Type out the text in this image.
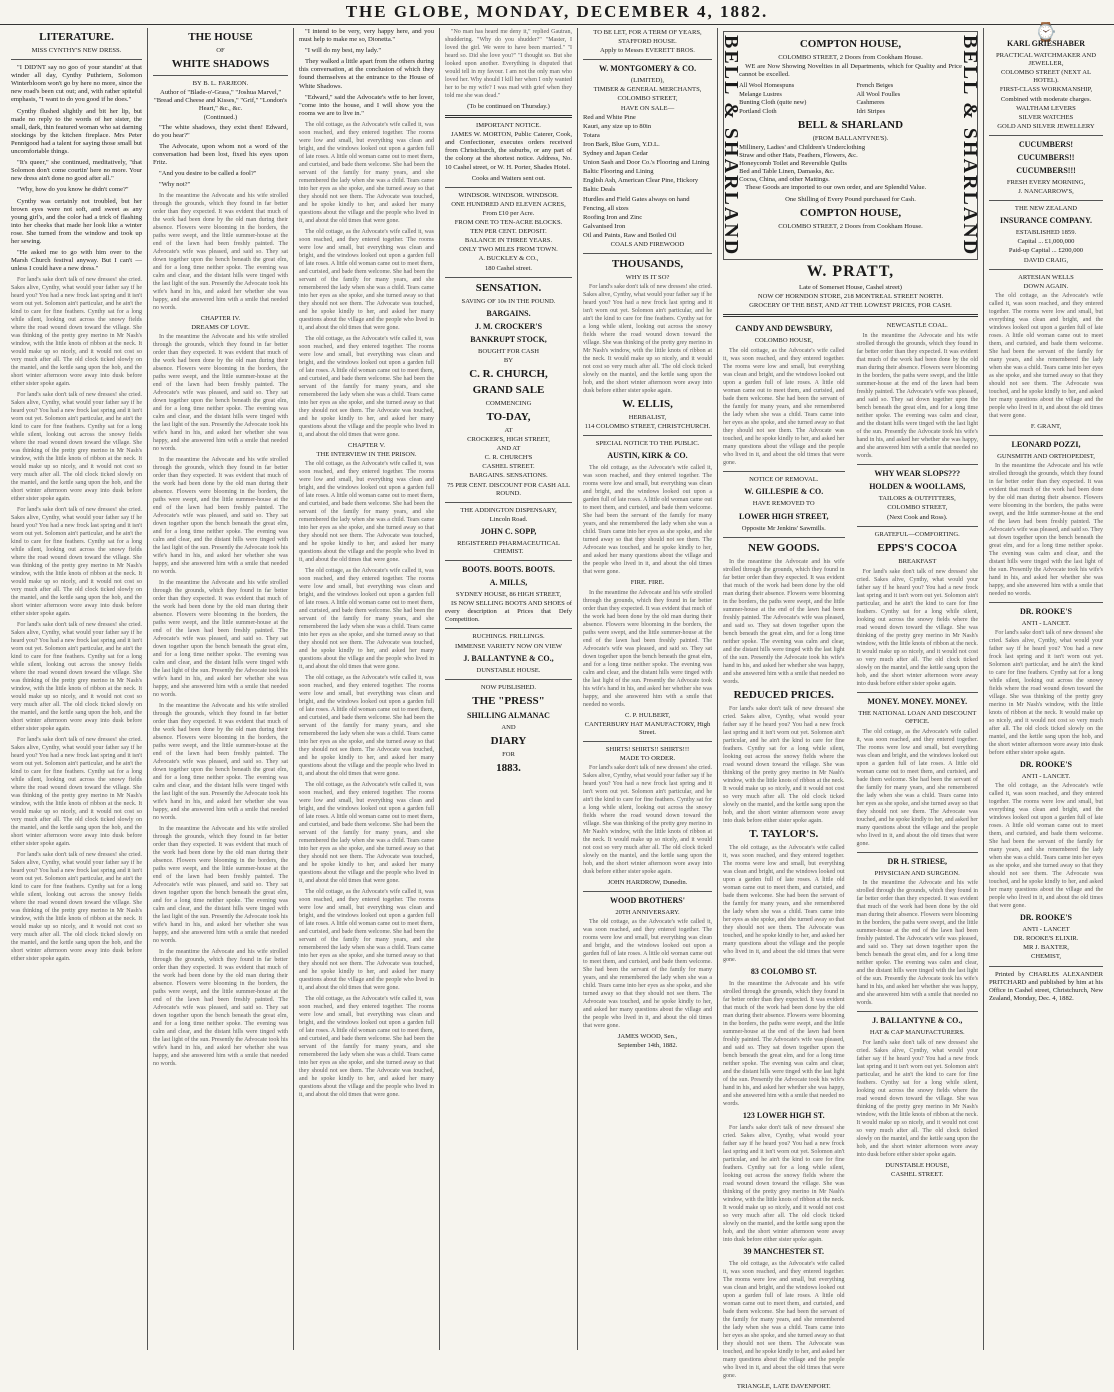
THE GLOBE, MONDAY, DECEMBER 4, 1882.
LITERATURE.
MISS CYNTHY'S NEW DRESS.

"I DID'NT say no goo of your standin' at that winder all day, Cynthy Puthriern, Solomon Winterbloom won't go by here no more, since the new road's been cut out; and, with rather spiteful emphasis, "I want to do you good if he does."

Cynthy flushed slightly and bit her lip, but made no reply to the words of her sister, the small, dark, thin featured woman who sat darning stockings by the kitchen fireplace. Mrs Peter Pennigood had a talent for saying those small but uncomfortable things.

"It's queer," she continued, meditatively, "that Solomon don't come courtin' here no more. Your new dress ain't done no good after all."

"Why, how do you know he didn't come?"

Cynthy was certainly not troubled, but her brown eyes were not soft, and sweet as any young girl's, and the color had a trick of flashing into her cheeks that made her look like a winter rose. She turned from the window and took up her sewing.

"He asked me to go with him over to the Marsh Church festival anyway. But I can't — unless I could have a new dress."

For land's sake don't talk of new dresses! she cried. Sakes alive, Cynthy, what would your father say if he heard you? You had a new frock last spring and it isn't worn out yet. Solomon ain't particular, and he ain't the kind to care for fine feathers. Cynthy sat for a long while silent, looking out across the snowy fields where the road wound down toward the village. She was thinking of the pretty grey merino in Mr Nash's window, with the little knots of ribbon at the neck. It would make up so nicely, and it would not cost so very much after all. The old clock ticked slowly on the mantel, and the kettle sang upon the hob, and the short winter afternoon wore away into dusk before either sister spoke again.

For land's sake don't talk of new dresses! she cried. Sakes alive, Cynthy, what would your father say if he heard you? You had a new frock last spring and it isn't worn out yet. Solomon ain't particular, and he ain't the kind to care for fine feathers. Cynthy sat for a long while silent, looking out across the snowy fields where the road wound down toward the village. She was thinking of the pretty grey merino in Mr Nash's window, with the little knots of ribbon at the neck. It would make up so nicely, and it would not cost so very much after all. The old clock ticked slowly on the mantel, and the kettle sang upon the hob, and the short winter afternoon wore away into dusk before either sister spoke again.

For land's sake don't talk of new dresses! she cried. Sakes alive, Cynthy, what would your father say if he heard you? You had a new frock last spring and it isn't worn out yet. Solomon ain't particular, and he ain't the kind to care for fine feathers. Cynthy sat for a long while silent, looking out across the snowy fields where the road wound down toward the village. She was thinking of the pretty grey merino in Mr Nash's window, with the little knots of ribbon at the neck. It would make up so nicely, and it would not cost so very much after all. The old clock ticked slowly on the mantel, and the kettle sang upon the hob, and the short winter afternoon wore away into dusk before either sister spoke again.

For land's sake don't talk of new dresses! she cried. Sakes alive, Cynthy, what would your father say if he heard you? You had a new frock last spring and it isn't worn out yet. Solomon ain't particular, and he ain't the kind to care for fine feathers. Cynthy sat for a long while silent, looking out across the snowy fields where the road wound down toward the village. She was thinking of the pretty grey merino in Mr Nash's window, with the little knots of ribbon at the neck. It would make up so nicely, and it would not cost so very much after all. The old clock ticked slowly on the mantel, and the kettle sang upon the hob, and the short winter afternoon wore away into dusk before either sister spoke again.

For land's sake don't talk of new dresses! she cried. Sakes alive, Cynthy, what would your father say if he heard you? You had a new frock last spring and it isn't worn out yet. Solomon ain't particular, and he ain't the kind to care for fine feathers. Cynthy sat for a long while silent, looking out across the snowy fields where the road wound down toward the village. She was thinking of the pretty grey merino in Mr Nash's window, with the little knots of ribbon at the neck. It would make up so nicely, and it would not cost so very much after all. The old clock ticked slowly on the mantel, and the kettle sang upon the hob, and the short winter afternoon wore away into dusk before either sister spoke again.

For land's sake don't talk of new dresses! she cried. Sakes alive, Cynthy, what would your father say if he heard you? You had a new frock last spring and it isn't worn out yet. Solomon ain't particular, and he ain't the kind to care for fine feathers. Cynthy sat for a long while silent, looking out across the snowy fields where the road wound down toward the village. She was thinking of the pretty grey merino in Mr Nash's window, with the little knots of ribbon at the neck. It would make up so nicely, and it would not cost so very much after all. The old clock ticked slowly on the mantel, and the kettle sang upon the hob, and the short winter afternoon wore away into dusk before either sister spoke again.

THE HOUSE
OF
WHITE SHADOWS
BY B. L. FARJEON.
Author of "Blade-o'-Grass," "Joshua Marvel," "Bread and Cheese and Kisses," "Grif," "London's Heart," &c., &c.
(Continued.)

"The white shadows, they exist then! Edward, do you hear?"

The Advocate, upon whom not a word of the conversation had been lost, fixed his eyes upon Fritz.

"And you desire to be called a fool?"

"Why not?"

In the meantime the Advocate and his wife strolled through the grounds, which they found in far better order than they expected. It was evident that much of the work had been done by the old man during their absence. Flowers were blooming in the borders, the paths were swept, and the little summer-house at the end of the lawn had been freshly painted. The Advocate's wife was pleased, and said so. They sat down together upon the bench beneath the great elm, and for a long time neither spoke. The evening was calm and clear, and the distant hills were tinged with the last light of the sun. Presently the Advocate took his wife's hand in his, and asked her whether she was happy, and she answered him with a smile that needed no words.

CHAPTER IV.
DREAMS OF LOVE.

In the meantime the Advocate and his wife strolled through the grounds, which they found in far better order than they expected. It was evident that much of the work had been done by the old man during their absence. Flowers were blooming in the borders, the paths were swept, and the little summer-house at the end of the lawn had been freshly painted. The Advocate's wife was pleased, and said so. They sat down together upon the bench beneath the great elm, and for a long time neither spoke. The evening was calm and clear, and the distant hills were tinged with the last light of the sun. Presently the Advocate took his wife's hand in his, and asked her whether she was happy, and she answered him with a smile that needed no words.

In the meantime the Advocate and his wife strolled through the grounds, which they found in far better order than they expected. It was evident that much of the work had been done by the old man during their absence. Flowers were blooming in the borders, the paths were swept, and the little summer-house at the end of the lawn had been freshly painted. The Advocate's wife was pleased, and said so. They sat down together upon the bench beneath the great elm, and for a long time neither spoke. The evening was calm and clear, and the distant hills were tinged with the last light of the sun. Presently the Advocate took his wife's hand in his, and asked her whether she was happy, and she answered him with a smile that needed no words.

In the meantime the Advocate and his wife strolled through the grounds, which they found in far better order than they expected. It was evident that much of the work had been done by the old man during their absence. Flowers were blooming in the borders, the paths were swept, and the little summer-house at the end of the lawn had been freshly painted. The Advocate's wife was pleased, and said so. They sat down together upon the bench beneath the great elm, and for a long time neither spoke. The evening was calm and clear, and the distant hills were tinged with the last light of the sun. Presently the Advocate took his wife's hand in his, and asked her whether she was happy, and she answered him with a smile that needed no words.

In the meantime the Advocate and his wife strolled through the grounds, which they found in far better order than they expected. It was evident that much of the work had been done by the old man during their absence. Flowers were blooming in the borders, the paths were swept, and the little summer-house at the end of the lawn had been freshly painted. The Advocate's wife was pleased, and said so. They sat down together upon the bench beneath the great elm, and for a long time neither spoke. The evening was calm and clear, and the distant hills were tinged with the last light of the sun. Presently the Advocate took his wife's hand in his, and asked her whether she was happy, and she answered him with a smile that needed no words.

In the meantime the Advocate and his wife strolled through the grounds, which they found in far better order than they expected. It was evident that much of the work had been done by the old man during their absence. Flowers were blooming in the borders, the paths were swept, and the little summer-house at the end of the lawn had been freshly painted. The Advocate's wife was pleased, and said so. They sat down together upon the bench beneath the great elm, and for a long time neither spoke. The evening was calm and clear, and the distant hills were tinged with the last light of the sun. Presently the Advocate took his wife's hand in his, and asked her whether she was happy, and she answered him with a smile that needed no words.

In the meantime the Advocate and his wife strolled through the grounds, which they found in far better order than they expected. It was evident that much of the work had been done by the old man during their absence. Flowers were blooming in the borders, the paths were swept, and the little summer-house at the end of the lawn had been freshly painted. The Advocate's wife was pleased, and said so. They sat down together upon the bench beneath the great elm, and for a long time neither spoke. The evening was calm and clear, and the distant hills were tinged with the last light of the sun. Presently the Advocate took his wife's hand in his, and asked her whether she was happy, and she answered him with a smile that needed no words.

"I intend to be very, very happy here, and you must help to make me so, Dionetta."

"I will do my best, my lady."

They walked a little apart from the others during this conversation, at the conclusion of which they found themselves at the entrance to the House of White Shadows.

"Edward," said the Advocate's wife to her lover, "come into the house, and I will show you the rooms we are to live in."

The old cottage, as the Advocate's wife called it, was soon reached, and they entered together. The rooms were low and small, but everything was clean and bright, and the windows looked out upon a garden full of late roses. A little old woman came out to meet them, and curtsied, and bade them welcome. She had been the servant of the family for many years, and she remembered the lady when she was a child. Tears came into her eyes as she spoke, and she turned away so that they should not see them. The Advocate was touched, and he spoke kindly to her, and asked her many questions about the village and the people who lived in it, and about the old times that were gone.

The old cottage, as the Advocate's wife called it, was soon reached, and they entered together. The rooms were low and small, but everything was clean and bright, and the windows looked out upon a garden full of late roses. A little old woman came out to meet them, and curtsied, and bade them welcome. She had been the servant of the family for many years, and she remembered the lady when she was a child. Tears came into her eyes as she spoke, and she turned away so that they should not see them. The Advocate was touched, and he spoke kindly to her, and asked her many questions about the village and the people who lived in it, and about the old times that were gone.

The old cottage, as the Advocate's wife called it, was soon reached, and they entered together. The rooms were low and small, but everything was clean and bright, and the windows looked out upon a garden full of late roses. A little old woman came out to meet them, and curtsied, and bade them welcome. She had been the servant of the family for many years, and she remembered the lady when she was a child. Tears came into her eyes as she spoke, and she turned away so that they should not see them. The Advocate was touched, and he spoke kindly to her, and asked her many questions about the village and the people who lived in it, and about the old times that were gone.

CHAPTER V.
THE INTERVIEW IN THE PRISON.

The old cottage, as the Advocate's wife called it, was soon reached, and they entered together. The rooms were low and small, but everything was clean and bright, and the windows looked out upon a garden full of late roses. A little old woman came out to meet them, and curtsied, and bade them welcome. She had been the servant of the family for many years, and she remembered the lady when she was a child. Tears came into her eyes as she spoke, and she turned away so that they should not see them. The Advocate was touched, and he spoke kindly to her, and asked her many questions about the village and the people who lived in it, and about the old times that were gone.

The old cottage, as the Advocate's wife called it, was soon reached, and they entered together. The rooms were low and small, but everything was clean and bright, and the windows looked out upon a garden full of late roses. A little old woman came out to meet them, and curtsied, and bade them welcome. She had been the servant of the family for many years, and she remembered the lady when she was a child. Tears came into her eyes as she spoke, and she turned away so that they should not see them. The Advocate was touched, and he spoke kindly to her, and asked her many questions about the village and the people who lived in it, and about the old times that were gone.

The old cottage, as the Advocate's wife called it, was soon reached, and they entered together. The rooms were low and small, but everything was clean and bright, and the windows looked out upon a garden full of late roses. A little old woman came out to meet them, and curtsied, and bade them welcome. She had been the servant of the family for many years, and she remembered the lady when she was a child. Tears came into her eyes as she spoke, and she turned away so that they should not see them. The Advocate was touched, and he spoke kindly to her, and asked her many questions about the village and the people who lived in it, and about the old times that were gone.

The old cottage, as the Advocate's wife called it, was soon reached, and they entered together. The rooms were low and small, but everything was clean and bright, and the windows looked out upon a garden full of late roses. A little old woman came out to meet them, and curtsied, and bade them welcome. She had been the servant of the family for many years, and she remembered the lady when she was a child. Tears came into her eyes as she spoke, and she turned away so that they should not see them. The Advocate was touched, and he spoke kindly to her, and asked her many questions about the village and the people who lived in it, and about the old times that were gone.

The old cottage, as the Advocate's wife called it, was soon reached, and they entered together. The rooms were low and small, but everything was clean and bright, and the windows looked out upon a garden full of late roses. A little old woman came out to meet them, and curtsied, and bade them welcome. She had been the servant of the family for many years, and she remembered the lady when she was a child. Tears came into her eyes as she spoke, and she turned away so that they should not see them. The Advocate was touched, and he spoke kindly to her, and asked her many questions about the village and the people who lived in it, and about the old times that were gone.

The old cottage, as the Advocate's wife called it, was soon reached, and they entered together. The rooms were low and small, but everything was clean and bright, and the windows looked out upon a garden full of late roses. A little old woman came out to meet them, and curtsied, and bade them welcome. She had been the servant of the family for many years, and she remembered the lady when she was a child. Tears came into her eyes as she spoke, and she turned away so that they should not see them. The Advocate was touched, and he spoke kindly to her, and asked her many questions about the village and the people who lived in it, and about the old times that were gone.

"No man has heard me deny it," replied Gautran, shuddering. "Why do you shudder?" "Master, I loved the girl. We were to have been married." "I heard so. Did she love you?" "I thought so. But she looked upon another. Everything is disputed that would tell in my favour. I am not the only man who loved her. Why should I kill her when I only wanted her to be my wife? I was mad with grief when they told me she was dead."

(To be continued on Thursday.)
IMPORTANT NOTICE.

JAMES W. MORTON, Public Caterer, Cook, and Confectioner, executes orders received from Christchurch, the suburbs, or any part of the colony at the shortest notice. Address, No. 10 Cashel street, or W. H. Porter, Shades Hotel.

Cooks and Waiters sent out.
WINDSOR. WINDSOR. WINDSOR.
ONE HUNDRED AND ELEVEN ACRES,
From £10 per Acre.
FROM ONE TO TEN-ACRE BLOCKS.
TEN PER CENT. DEPOSIT.
BALANCE IN THREE YEARS.
ONLY TWO MILES FROM TOWN.
A. BUCKLEY & CO.,
180 Cashel street.
SENSATION.
SAVING OF 10s IN THE POUND.
BARGAINS.
J. M. CROCKER'S
BANKRUPT STOCK,
BOUGHT FOR CASH
BY
C. R. CHURCH,
GRAND SALE
COMMENCING
TO-DAY,
AT
CROCKER'S, HIGH STREET,
AND AT
C. R. CHURCH'S
CASHEL STREET.
BARGAINS. SENSATIONS.
75 PER CENT. DISCOUNT FOR CASH ALL ROUND.
THE ADDINGTON DISPENSARY,
Lincoln Road.
JOHN C. SOPP,
REGISTERED PHARMACEUTICAL CHEMIST.
BOOTS. BOOTS. BOOTS.
A. MILLS,
SYDNEY HOUSE, 86 HIGH STREET,

IS NOW SELLING BOOTS AND SHOES of every description at Prices that Defy Competition.

RUCHINGS. FRILLINGS.
IMMENSE VARIETY NOW ON VIEW
J. BALLANTYNE & CO.,
DUNSTABLE HOUSE.
NOW PUBLISHED.
THE "PRESS"
SHILLING ALMANAC
AND
DIARY
FOR
1883.
TO BE LET, FOR A TERM OF YEARS,
STAFFORD HOUSE.
Apply to Messrs EVERETT BROS.
W. MONTGOMERY & CO.
(LIMITED),
TIMBER & GENERAL MERCHANTS,
COLOMBO STREET,
HAVE ON SALE—
Red and White Pine
Kauri, any size up to 80in
Totara
Iron Bark, Blue Gum, Y.D.L.
Sydney and Japan Cedar
Union Sash and Door Co.'s Flooring and Lining
Baltic Flooring and Lining
English Ash, American Clear Pine, Hickory
Baltic Deals
Hurdles and Field Gates always on hand
Fencing, all sizes
Roofing Iron and Zinc
Galvanised Iron
Oil and Paints, Raw and Boiled Oil
COALS AND FIREWOOD
THOUSANDS,
WHY IS IT SO?

For land's sake don't talk of new dresses! she cried. Sakes alive, Cynthy, what would your father say if he heard you? You had a new frock last spring and it isn't worn out yet. Solomon ain't particular, and he ain't the kind to care for fine feathers. Cynthy sat for a long while silent, looking out across the snowy fields where the road wound down toward the village. She was thinking of the pretty grey merino in Mr Nash's window, with the little knots of ribbon at the neck. It would make up so nicely, and it would not cost so very much after all. The old clock ticked slowly on the mantel, and the kettle sang upon the hob, and the short winter afternoon wore away into dusk before either sister spoke again.

W. ELLIS,
HERBALIST,
114 COLOMBO STREET, CHRISTCHURCH.
SPECIAL NOTICE TO THE PUBLIC.
AUSTIN, KIRK & CO.

The old cottage, as the Advocate's wife called it, was soon reached, and they entered together. The rooms were low and small, but everything was clean and bright, and the windows looked out upon a garden full of late roses. A little old woman came out to meet them, and curtsied, and bade them welcome. She had been the servant of the family for many years, and she remembered the lady when she was a child. Tears came into her eyes as she spoke, and she turned away so that they should not see them. The Advocate was touched, and he spoke kindly to her, and asked her many questions about the village and the people who lived in it, and about the old times that were gone.

FIRE. FIRE.

In the meantime the Advocate and his wife strolled through the grounds, which they found in far better order than they expected. It was evident that much of the work had been done by the old man during their absence. Flowers were blooming in the borders, the paths were swept, and the little summer-house at the end of the lawn had been freshly painted. The Advocate's wife was pleased, and said so. They sat down together upon the bench beneath the great elm, and for a long time neither spoke. The evening was calm and clear, and the distant hills were tinged with the last light of the sun. Presently the Advocate took his wife's hand in his, and asked her whether she was happy, and she answered him with a smile that needed no words.

C. P. HULBERT,
CANTERBURY HAT MANUFACTORY, High Street.
SHIRTS! SHIRTS!! SHIRTS!!!
MADE TO ORDER.

For land's sake don't talk of new dresses! she cried. Sakes alive, Cynthy, what would your father say if he heard you? You had a new frock last spring and it isn't worn out yet. Solomon ain't particular, and he ain't the kind to care for fine feathers. Cynthy sat for a long while silent, looking out across the snowy fields where the road wound down toward the village. She was thinking of the pretty grey merino in Mr Nash's window, with the little knots of ribbon at the neck. It would make up so nicely, and it would not cost so very much after all. The old clock ticked slowly on the mantel, and the kettle sang upon the hob, and the short winter afternoon wore away into dusk before either sister spoke again.

JOHN HARDROW, Dunedin.
WOOD BROTHERS'
20TH ANNIVERSARY.

The old cottage, as the Advocate's wife called it, was soon reached, and they entered together. The rooms were low and small, but everything was clean and bright, and the windows looked out upon a garden full of late roses. A little old woman came out to meet them, and curtsied, and bade them welcome. She had been the servant of the family for many years, and she remembered the lady when she was a child. Tears came into her eyes as she spoke, and she turned away so that they should not see them. The Advocate was touched, and he spoke kindly to her, and asked her many questions about the village and the people who lived in it, and about the old times that were gone.

JAMES WOOD, Sen.,
September 14th, 1882.
BELL & SHARLAND	COMPTON HOUSE,
COLOMBO STREET, 2 Doors from Cookham House.

WE are Now Showing Novelties in all Departments, which for Quality and Price cannot be excelled.

All Wool Homespuns
Melange Lustres
Bunting Cloth (quite new)
Portland Cloth
French Beiges
All Wool Foulles
Cashmeres
Idri Stripes
BELL & SHARLAND
(FROM BALLANTYNE'S).
Millinery, Ladies' and Children's Underclothing
Straw and other Hats, Feathers, Flowers, &c.
Honeycomb Toilet and Reversible Quilts
Bed and Table Linen, Damasks, &c.
Cocoa, China, and other Mattings.

These Goods are imported to our own order, and are Splendid Value.

One Shilling of Every Pound purchased for Cash.
COMPTON HOUSE,
COLOMBO STREET, 2 Doors from Cookham House.	BELL & SHARLAND
W. PRATT,
Late of Somerset House, Cashel street)
NOW OF HORNDON STORE, 218 MONTREAL STREET NORTH.
GROCERY OF THE BEST, AND AT THE LOWEST PRICES, FOR CASH.
CANDY AND DEWSBURY,
COLOMBO HOUSE,

The old cottage, as the Advocate's wife called it, was soon reached, and they entered together. The rooms were low and small, but everything was clean and bright, and the windows looked out upon a garden full of late roses. A little old woman came out to meet them, and curtsied, and bade them welcome. She had been the servant of the family for many years, and she remembered the lady when she was a child. Tears came into her eyes as she spoke, and she turned away so that they should not see them. The Advocate was touched, and he spoke kindly to her, and asked her many questions about the village and the people who lived in it, and about the old times that were gone.

NOTICE OF REMOVAL.
W. GILLESPIE & CO.
HAVE REMOVED TO
LOWER HIGH STREET,
Opposite Mr Jenkins' Sawmills.
NEW GOODS.

In the meantime the Advocate and his wife strolled through the grounds, which they found in far better order than they expected. It was evident that much of the work had been done by the old man during their absence. Flowers were blooming in the borders, the paths were swept, and the little summer-house at the end of the lawn had been freshly painted. The Advocate's wife was pleased, and said so. They sat down together upon the bench beneath the great elm, and for a long time neither spoke. The evening was calm and clear, and the distant hills were tinged with the last light of the sun. Presently the Advocate took his wife's hand in his, and asked her whether she was happy, and she answered him with a smile that needed no words.

REDUCED PRICES.

For land's sake don't talk of new dresses! she cried. Sakes alive, Cynthy, what would your father say if he heard you? You had a new frock last spring and it isn't worn out yet. Solomon ain't particular, and he ain't the kind to care for fine feathers. Cynthy sat for a long while silent, looking out across the snowy fields where the road wound down toward the village. She was thinking of the pretty grey merino in Mr Nash's window, with the little knots of ribbon at the neck. It would make up so nicely, and it would not cost so very much after all. The old clock ticked slowly on the mantel, and the kettle sang upon the hob, and the short winter afternoon wore away into dusk before either sister spoke again.

T. TAYLOR'S.

The old cottage, as the Advocate's wife called it, was soon reached, and they entered together. The rooms were low and small, but everything was clean and bright, and the windows looked out upon a garden full of late roses. A little old woman came out to meet them, and curtsied, and bade them welcome. She had been the servant of the family for many years, and she remembered the lady when she was a child. Tears came into her eyes as she spoke, and she turned away so that they should not see them. The Advocate was touched, and he spoke kindly to her, and asked her many questions about the village and the people who lived in it, and about the old times that were gone.

83 COLOMBO ST.

In the meantime the Advocate and his wife strolled through the grounds, which they found in far better order than they expected. It was evident that much of the work had been done by the old man during their absence. Flowers were blooming in the borders, the paths were swept, and the little summer-house at the end of the lawn had been freshly painted. The Advocate's wife was pleased, and said so. They sat down together upon the bench beneath the great elm, and for a long time neither spoke. The evening was calm and clear, and the distant hills were tinged with the last light of the sun. Presently the Advocate took his wife's hand in his, and asked her whether she was happy, and she answered him with a smile that needed no words.

123 LOWER HIGH ST.

For land's sake don't talk of new dresses! she cried. Sakes alive, Cynthy, what would your father say if he heard you? You had a new frock last spring and it isn't worn out yet. Solomon ain't particular, and he ain't the kind to care for fine feathers. Cynthy sat for a long while silent, looking out across the snowy fields where the road wound down toward the village. She was thinking of the pretty grey merino in Mr Nash's window, with the little knots of ribbon at the neck. It would make up so nicely, and it would not cost so very much after all. The old clock ticked slowly on the mantel, and the kettle sang upon the hob, and the short winter afternoon wore away into dusk before either sister spoke again.

39 MANCHESTER ST.

The old cottage, as the Advocate's wife called it, was soon reached, and they entered together. The rooms were low and small, but everything was clean and bright, and the windows looked out upon a garden full of late roses. A little old woman came out to meet them, and curtsied, and bade them welcome. She had been the servant of the family for many years, and she remembered the lady when she was a child. Tears came into her eyes as she spoke, and she turned away so that they should not see them. The Advocate was touched, and he spoke kindly to her, and asked her many questions about the village and the people who lived in it, and about the old times that were gone.

TRIANGLE, LATE DAVENPORT.
NEWCASTLE COAL.

In the meantime the Advocate and his wife strolled through the grounds, which they found in far better order than they expected. It was evident that much of the work had been done by the old man during their absence. Flowers were blooming in the borders, the paths were swept, and the little summer-house at the end of the lawn had been freshly painted. The Advocate's wife was pleased, and said so. They sat down together upon the bench beneath the great elm, and for a long time neither spoke. The evening was calm and clear, and the distant hills were tinged with the last light of the sun. Presently the Advocate took his wife's hand in his, and asked her whether she was happy, and she answered him with a smile that needed no words.

WHY WEAR SLOPS???
HOLDEN & WOOLLAMS,
TAILORS & OUTFITTERS,
COLOMBO STREET,
(Next Cook and Ross).
GRATEFUL—COMFORTING.
EPPS'S COCOA
BREAKFAST

For land's sake don't talk of new dresses! she cried. Sakes alive, Cynthy, what would your father say if he heard you? You had a new frock last spring and it isn't worn out yet. Solomon ain't particular, and he ain't the kind to care for fine feathers. Cynthy sat for a long while silent, looking out across the snowy fields where the road wound down toward the village. She was thinking of the pretty grey merino in Mr Nash's window, with the little knots of ribbon at the neck. It would make up so nicely, and it would not cost so very much after all. The old clock ticked slowly on the mantel, and the kettle sang upon the hob, and the short winter afternoon wore away into dusk before either sister spoke again.

MONEY. MONEY. MONEY.
THE NATIONAL LOAN AND DISCOUNT OFFICE.

The old cottage, as the Advocate's wife called it, was soon reached, and they entered together. The rooms were low and small, but everything was clean and bright, and the windows looked out upon a garden full of late roses. A little old woman came out to meet them, and curtsied, and bade them welcome. She had been the servant of the family for many years, and she remembered the lady when she was a child. Tears came into her eyes as she spoke, and she turned away so that they should not see them. The Advocate was touched, and he spoke kindly to her, and asked her many questions about the village and the people who lived in it, and about the old times that were gone.

DR H. STRIESE,
PHYSICIAN AND SURGEON.

In the meantime the Advocate and his wife strolled through the grounds, which they found in far better order than they expected. It was evident that much of the work had been done by the old man during their absence. Flowers were blooming in the borders, the paths were swept, and the little summer-house at the end of the lawn had been freshly painted. The Advocate's wife was pleased, and said so. They sat down together upon the bench beneath the great elm, and for a long time neither spoke. The evening was calm and clear, and the distant hills were tinged with the last light of the sun. Presently the Advocate took his wife's hand in his, and asked her whether she was happy, and she answered him with a smile that needed no words.

J. BALLANTYNE & CO.,
HAT & CAP MANUFACTURERS.

For land's sake don't talk of new dresses! she cried. Sakes alive, Cynthy, what would your father say if he heard you? You had a new frock last spring and it isn't worn out yet. Solomon ain't particular, and he ain't the kind to care for fine feathers. Cynthy sat for a long while silent, looking out across the snowy fields where the road wound down toward the village. She was thinking of the pretty grey merino in Mr Nash's window, with the little knots of ribbon at the neck. It would make up so nicely, and it would not cost so very much after all. The old clock ticked slowly on the mantel, and the kettle sang upon the hob, and the short winter afternoon wore away into dusk before either sister spoke again.

DUNSTABLE HOUSE,
CASHEL STREET.
⌚
KARL GRIESHABER
PRACTICAL WATCHMAKER AND JEWELLER,
COLOMBO STREET (NEXT AL HOTEL).
FIRST-CLASS WORKMANSHIP,
Combined with moderate charges.
WALTHAM LEVERS
SILVER WATCHES
GOLD AND SILVER JEWELLERY
CUCUMBERS!
CUCUMBERS!!
CUCUMBERS!!!
FRESH EVERY MORNING,
J. NANCARROW'S,
THE NEW ZEALAND
INSURANCE COMPANY.
ESTABLISHED 1859.
Capital ... £1,000,000
Paid-up Capital ... £200,000
DAVID CRAIG,
ARTESIAN WELLS
DOWN AGAIN.

The old cottage, as the Advocate's wife called it, was soon reached, and they entered together. The rooms were low and small, but everything was clean and bright, and the windows looked out upon a garden full of late roses. A little old woman came out to meet them, and curtsied, and bade them welcome. She had been the servant of the family for many years, and she remembered the lady when she was a child. Tears came into her eyes as she spoke, and she turned away so that they should not see them. The Advocate was touched, and he spoke kindly to her, and asked her many questions about the village and the people who lived in it, and about the old times that were gone.

F. GRANT,
LEONARD POZZI,
GUNSMITH AND ORTHOPEDIST,

In the meantime the Advocate and his wife strolled through the grounds, which they found in far better order than they expected. It was evident that much of the work had been done by the old man during their absence. Flowers were blooming in the borders, the paths were swept, and the little summer-house at the end of the lawn had been freshly painted. The Advocate's wife was pleased, and said so. They sat down together upon the bench beneath the great elm, and for a long time neither spoke. The evening was calm and clear, and the distant hills were tinged with the last light of the sun. Presently the Advocate took his wife's hand in his, and asked her whether she was happy, and she answered him with a smile that needed no words.

DR. ROOKE'S
ANTI - LANCET.

For land's sake don't talk of new dresses! she cried. Sakes alive, Cynthy, what would your father say if he heard you? You had a new frock last spring and it isn't worn out yet. Solomon ain't particular, and he ain't the kind to care for fine feathers. Cynthy sat for a long while silent, looking out across the snowy fields where the road wound down toward the village. She was thinking of the pretty grey merino in Mr Nash's window, with the little knots of ribbon at the neck. It would make up so nicely, and it would not cost so very much after all. The old clock ticked slowly on the mantel, and the kettle sang upon the hob, and the short winter afternoon wore away into dusk before either sister spoke again.

DR. ROOKE'S
ANTI - LANCET.

The old cottage, as the Advocate's wife called it, was soon reached, and they entered together. The rooms were low and small, but everything was clean and bright, and the windows looked out upon a garden full of late roses. A little old woman came out to meet them, and curtsied, and bade them welcome. She had been the servant of the family for many years, and she remembered the lady when she was a child. Tears came into her eyes as she spoke, and she turned away so that they should not see them. The Advocate was touched, and he spoke kindly to her, and asked her many questions about the village and the people who lived in it, and about the old times that were gone.

DR. ROOKE'S
ANTI - LANCET
DR. ROOKE'S ELIXIR.
MR J. BAXTER,
CHEMIST,

Printed by CHARLES ALEXANDER PRITCHARD and published by him at his Office in Cashel street, Christchurch, New Zealand, Monday, Dec. 4, 1882.
